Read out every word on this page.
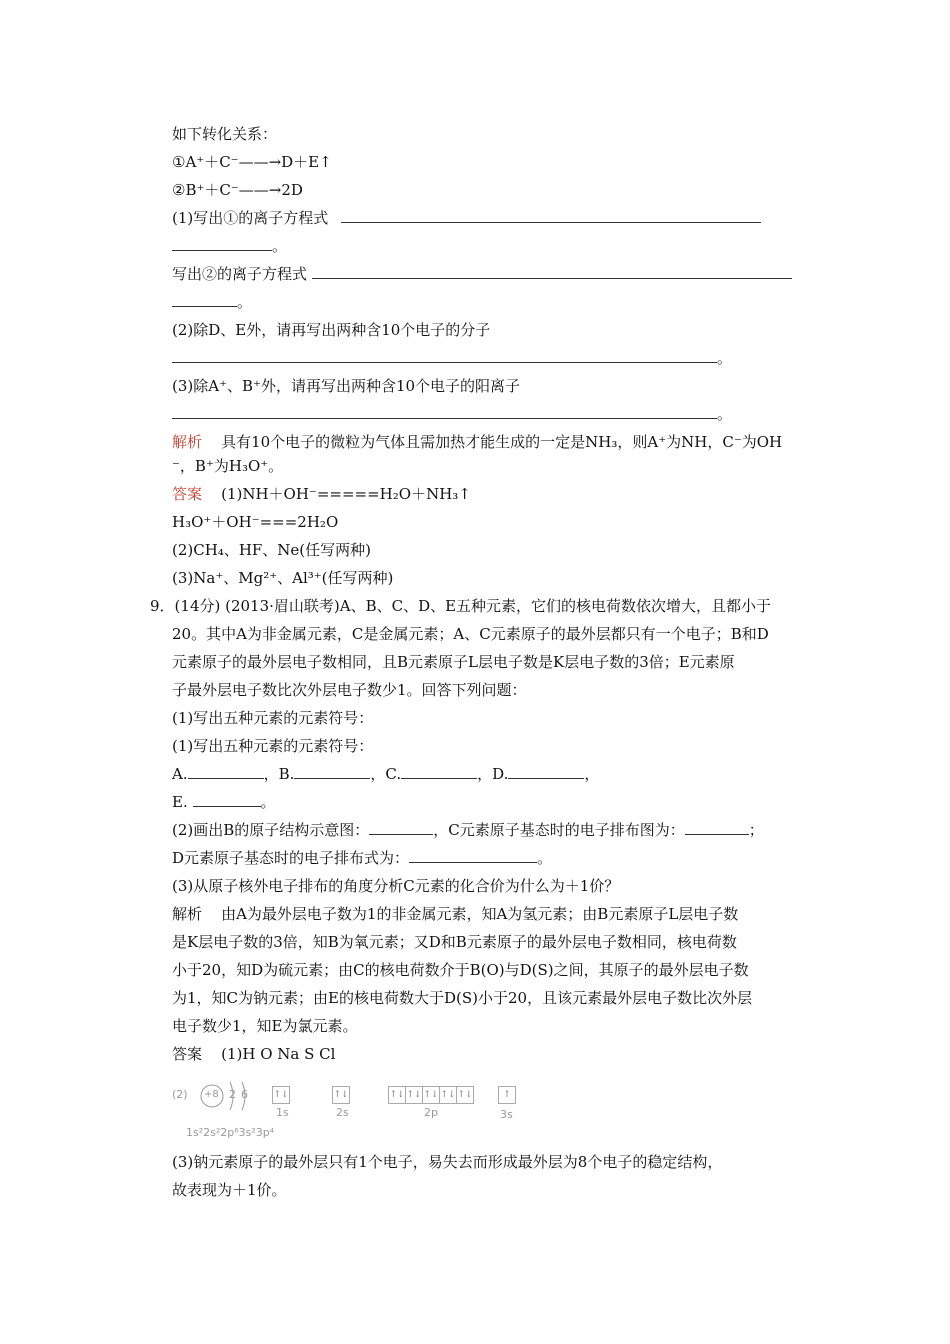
如下转化关系：
①A⁺＋C⁻——→D＋E↑
②B⁺＋C⁻——→2D
(1)写出①的离子方程式
。
写出②的离子方程式
。
(2)除D、E外，请再写出两种含10个电子的分子
。
(3)除A⁺、B⁺外，请再写出两种含10个电子的阳离子
。
解析 具有10个电子的微粒为气体且需加热才能生成的一定是NH₃，则A⁺为NH，C⁻为OH
⁻，B⁺为H₃O⁺。
答案 (1)NH＋OH⁻=====H₂O＋NH₃↑
H₃O⁺＋OH⁻===2H₂O
(2)CH₄、HF、Ne(任写两种)
(3)Na⁺、Mg²⁺、Al³⁺(任写两种)
9．(14分) (2013·眉山联考)A、B、C、D、E五种元素，它们的核电荷数依次增大，且都小于
20。其中A为非金属元素，C是金属元素；A、C元素原子的最外层都只有一个电子；B和D
元素原子的最外层电子数相同，且B元素原子L层电子数是K层电子数的3倍；E元素原
子最外层电子数比次外层电子数少1。回答下列问题：
(1)写出五种元素的元素符号：
(1)写出五种元素的元素符号：
A.	，B.	，C.	，D.	，
E.	。
(2)画出B的原子结构示意图：	，C元素原子基态时的电子排布图为：	；
D元素原子基态时的电子排布式为：	。
(3)从原子核外电子排布的角度分析C元素的化合价为什么为＋1价？
解析 由A为最外层电子数为1的非金属元素，知A为氢元素；由B元素原子L层电子数
是K层电子数的3倍，知B为氧元素；又D和B元素原子的最外层电子数相同，核电荷数
小于20，知D为硫元素；由C的核电荷数介于B(O)与D(S)之间，其原子的最外层电子数
为1，知C为钠元素；由E的核电荷数大于D(S)小于20，且该元素最外层电子数比次外层
电子数少1，知E为氯元素。
答案 (1)H O Na S Cl
(2) +8 2 6	↑↓
1s
↑↓
2s
↑↓ ↑↓ ↑↓ ↑↓ ↑↓
2p
↑
3s
1s²2s²2p⁶3s²3p⁴
(3)钠元素原子的最外层只有1个电子，易失去而形成最外层为8个电子的稳定结构，
故表现为＋1价。
